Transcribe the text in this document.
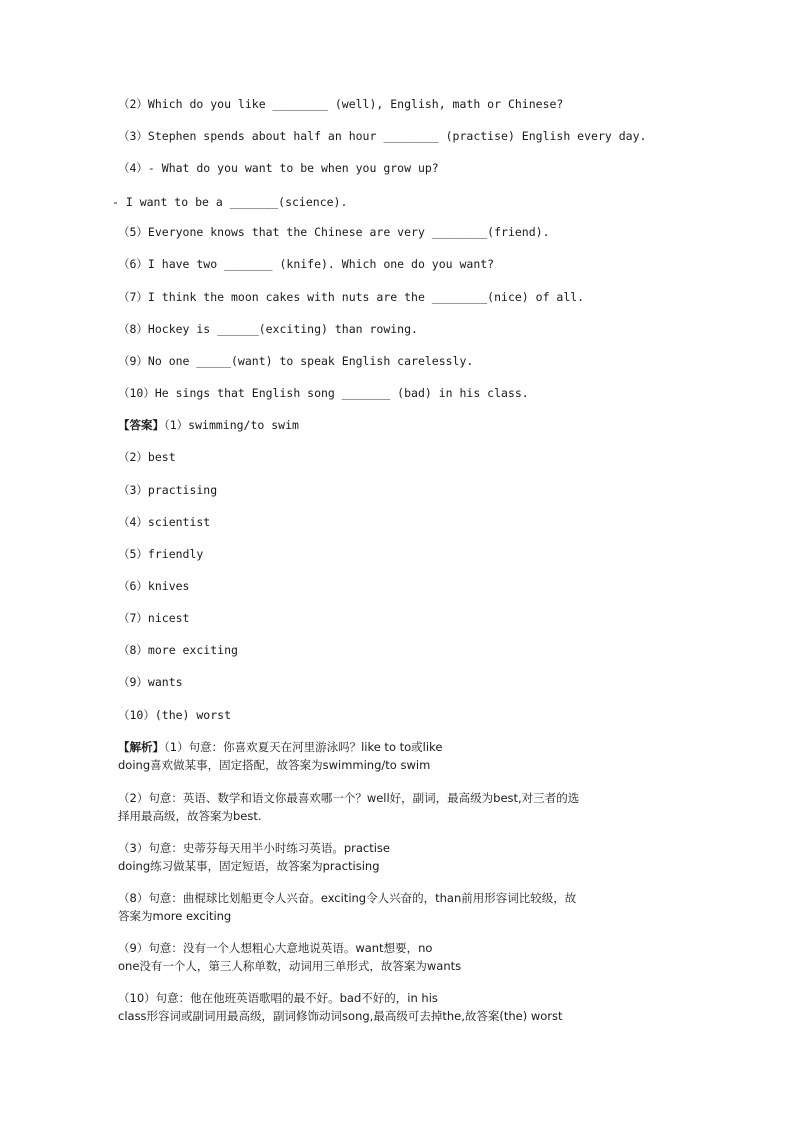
（2）Which do you like ________ (well), English, math or Chinese?
（3）Stephen spends about half an hour ________ (practise) English every day.
（4）- What do you want to be when you grow up?
- I want to be a _______(science).
（5）Everyone knows that the Chinese are very ________(friend).
（6）I have two _______ (knife). Which one do you want?
（7）I think the moon cakes with nuts are the ________(nice) of all.
（8）Hockey is ______(exciting) than rowing.
（9）No one _____(want) to speak English carelessly.
（10）He sings that English song _______ (bad) in his class.
【答案】（1）swimming/to swim
（2）best
（3）practising
（4）scientist
（5）friendly
（6）knives
（7）nicest
（8）more exciting
（9）wants
（10）(the) worst
【解析】（1）句意：你喜欢夏天在河里游泳吗？like to to或like
doing喜欢做某事，固定搭配，故答案为swimming/to swim
（2）句意：英语、数学和语文你最喜欢哪一个？well好，副词，最高级为best,对三者的选
择用最高级，故答案为best.
（3）句意：史蒂芬每天用半小时练习英语。practise
doing练习做某事，固定短语，故答案为practising
（8）句意：曲棍球比划船更令人兴奋。exciting令人兴奋的，than前用形容词比较级，故
答案为more exciting
（9）句意：没有一个人想粗心大意地说英语。want想要，no
one没有一个人，第三人称单数，动词用三单形式，故答案为wants
（10）句意：他在他班英语歌唱的最不好。bad不好的，in his
class形容词或副词用最高级，副词修饰动词song,最高级可去掉the,故答案(the) worst
